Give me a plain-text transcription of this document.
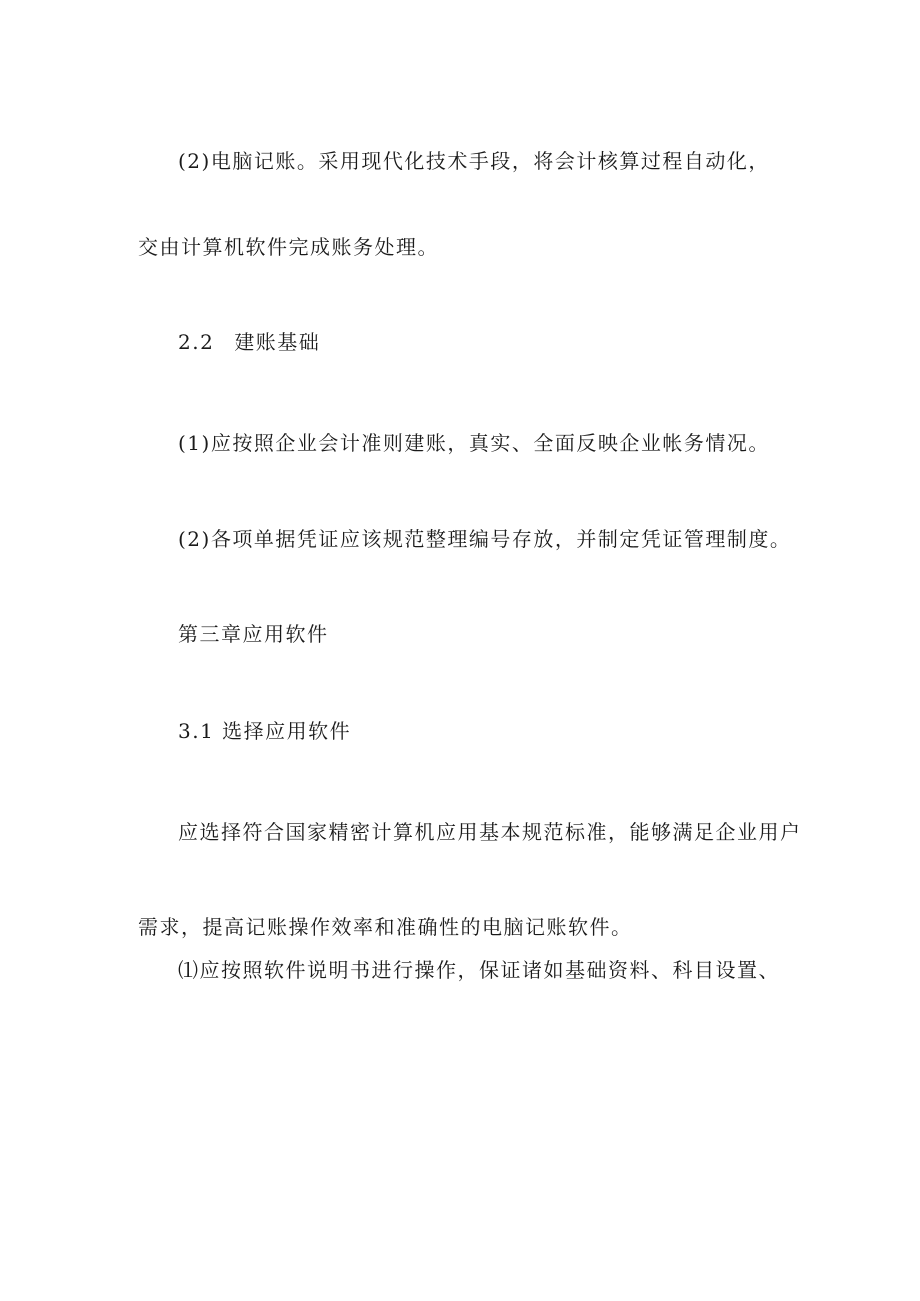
(2)电脑记账。采用现代化技术手段，将会计核算过程自动化，
交由计算机软件完成账务处理。
2.2 建账基础
(1)应按照企业会计准则建账，真实、全面反映企业帐务情况。
(2)各项单据凭证应该规范整理编号存放，并制定凭证管理制度。
第三章应用软件
3.1 选择应用软件
应选择符合国家精密计算机应用基本规范标准，能够满足企业用户
需求，提高记账操作效率和准确性的电脑记账软件。
⑴应按照软件说明书进行操作，保证诸如基础资料、科目设置、
